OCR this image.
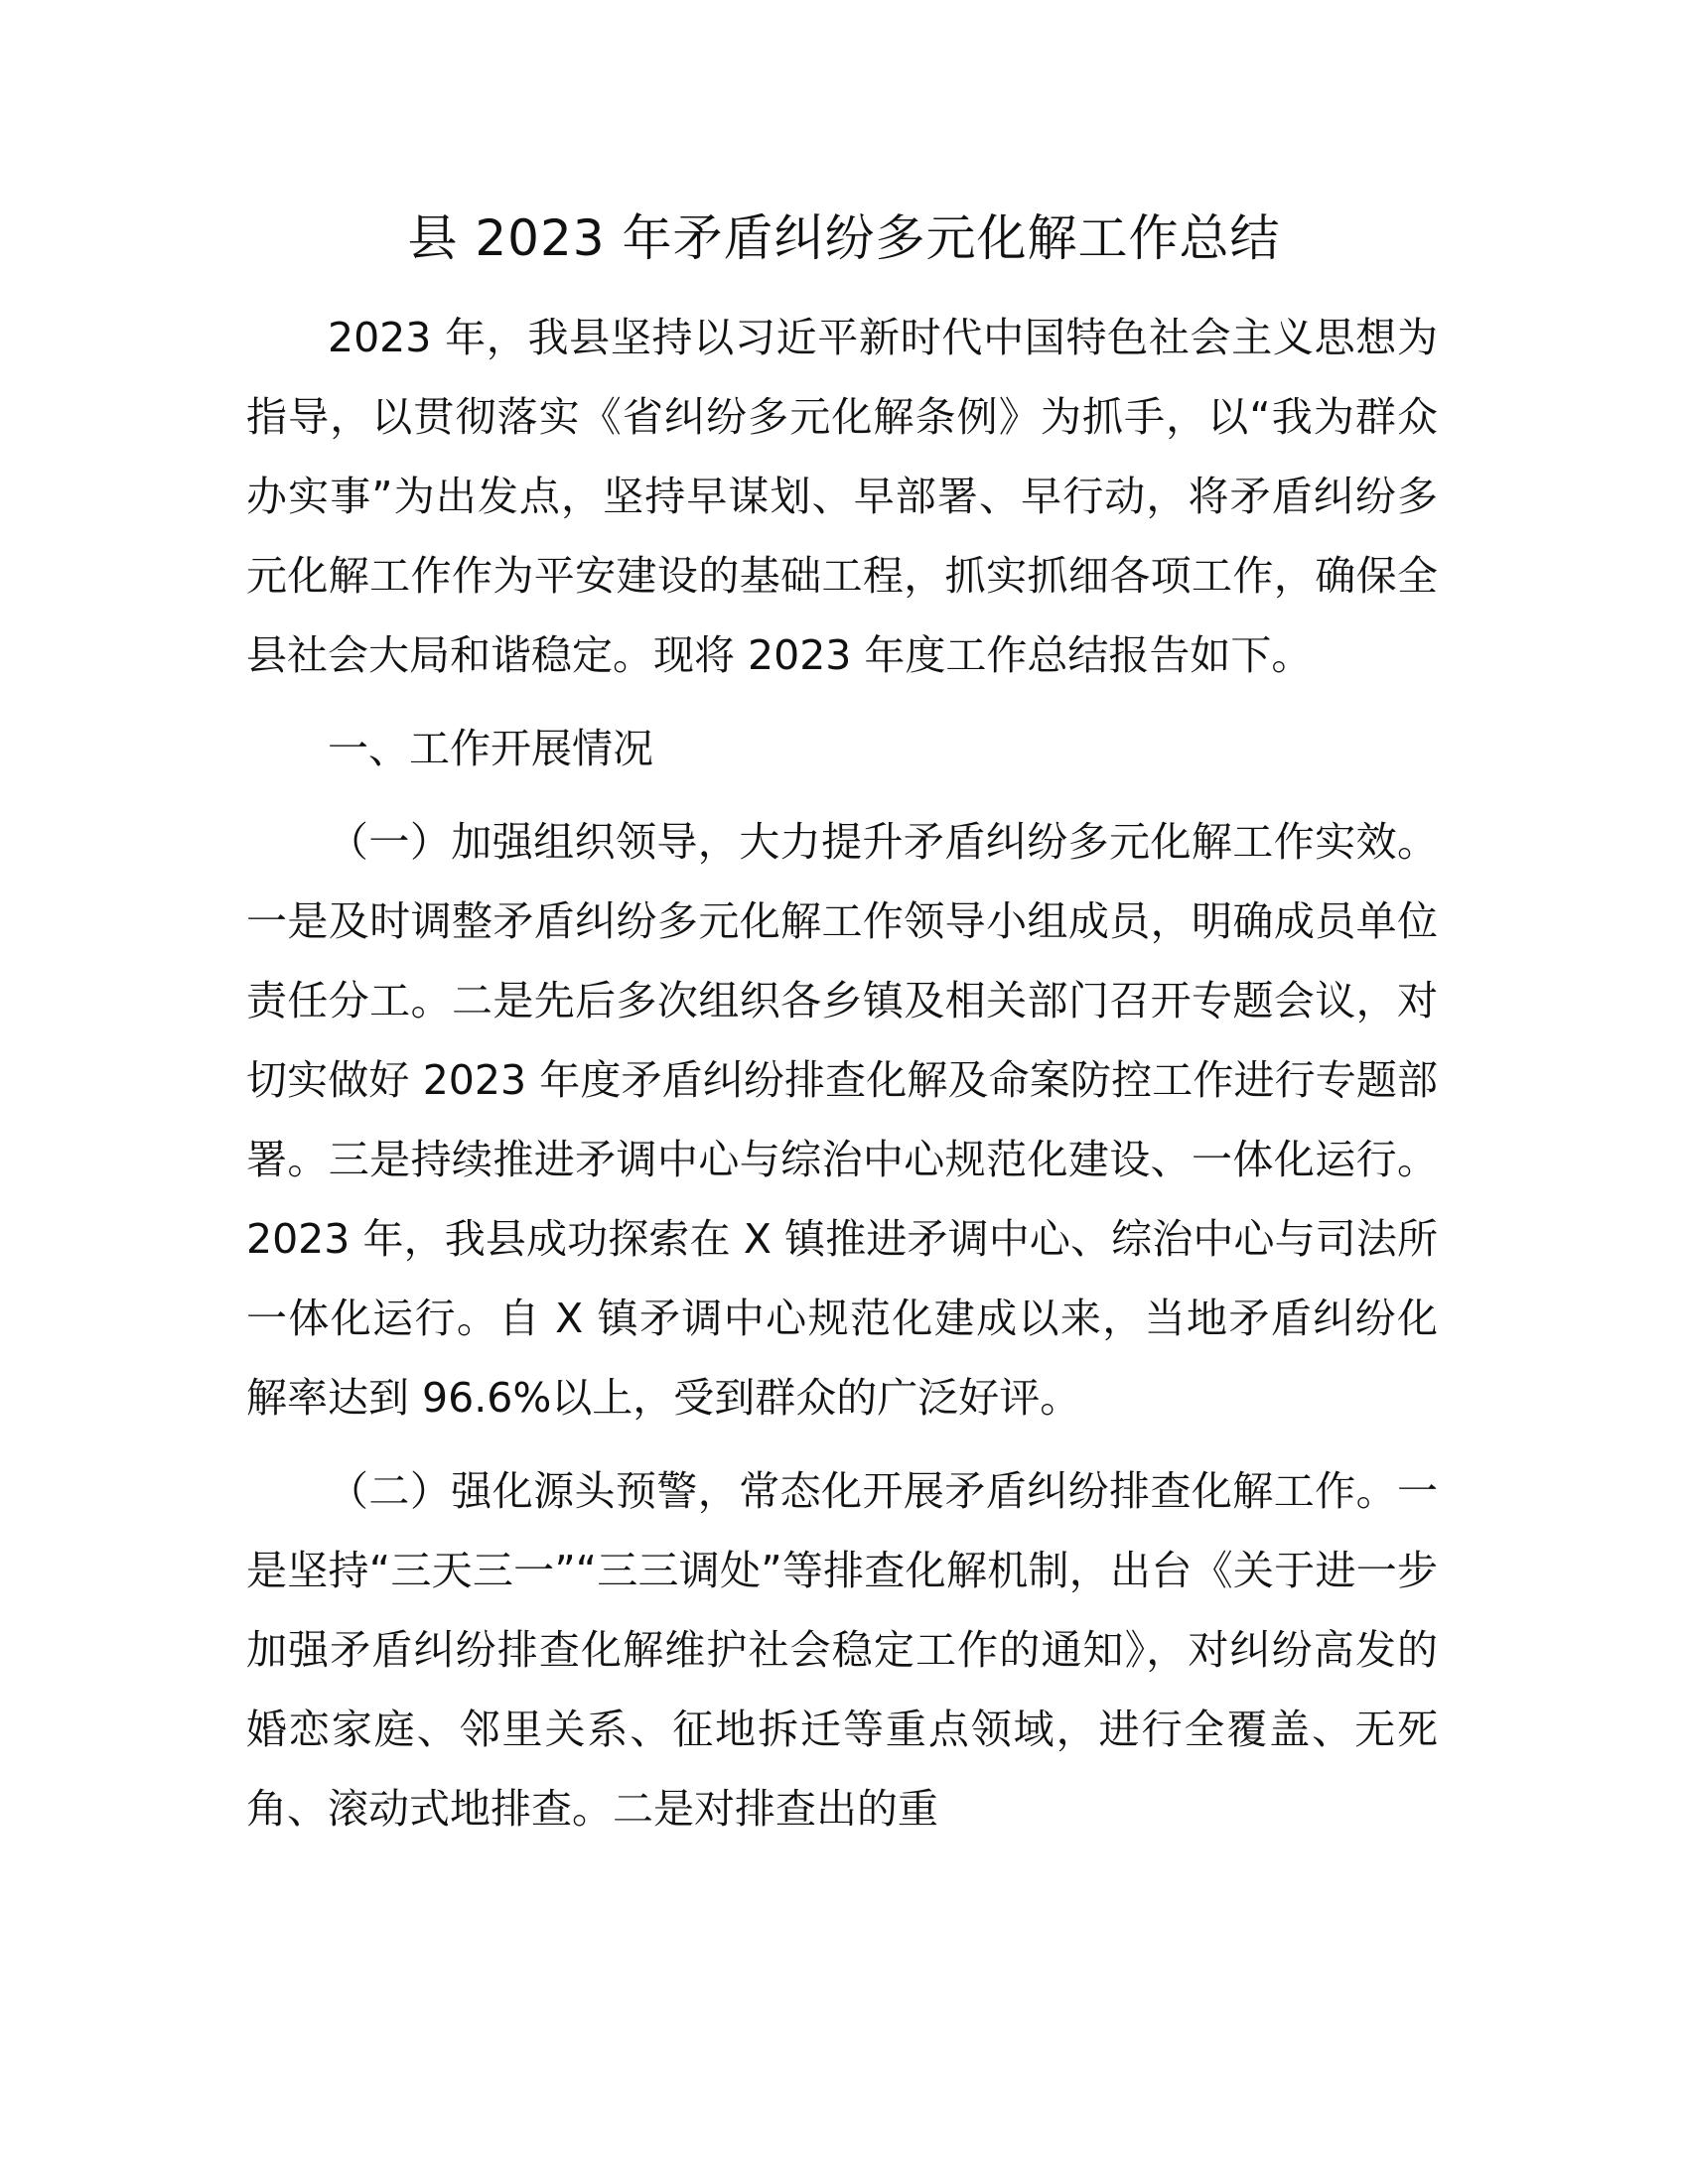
县 2023 年矛盾纠纷多元化解工作总结

2023 年，我县坚持以习近平新时代中国特色社会主义思想为指导，以贯彻落实《省纠纷多元化解条例》为抓手，以“我为群众办实事”为出发点，坚持早谋划、早部署、早行动，将矛盾纠纷多元化解工作作为平安建设的基础工程，抓实抓细各项工作，确保全县社会大局和谐稳定。现将 2023 年度工作总结报告如下。

一、工作开展情况

（一）加强组织领导，大力提升矛盾纠纷多元化解工作实效。一是及时调整矛盾纠纷多元化解工作领导小组成员，明确成员单位责任分工。二是先后多次组织各乡镇及相关部门召开专题会议，对切实做好 2023 年度矛盾纠纷排查化解及命案防控工作进行专题部署。三是持续推进矛调中心与综治中心规范化建设、一体化运行。2023 年，我县成功探索在 X 镇推进矛调中心、综治中心与司法所一体化运行。自 X 镇矛调中心规范化建成以来，当地矛盾纠纷化解率达到 96.6%以上，受到群众的广泛好评。

（二）强化源头预警，常态化开展矛盾纠纷排查化解工作。一是坚持“三天三一”“三三调处”等排查化解机制，出台《关于进一步加强矛盾纠纷排查化解维护社会稳定工作的通知》，对纠纷高发的婚恋家庭、邻里关系、征地拆迁等重点领域，进行全覆盖、无死角、滚动式地排查。二是对排查出的重
